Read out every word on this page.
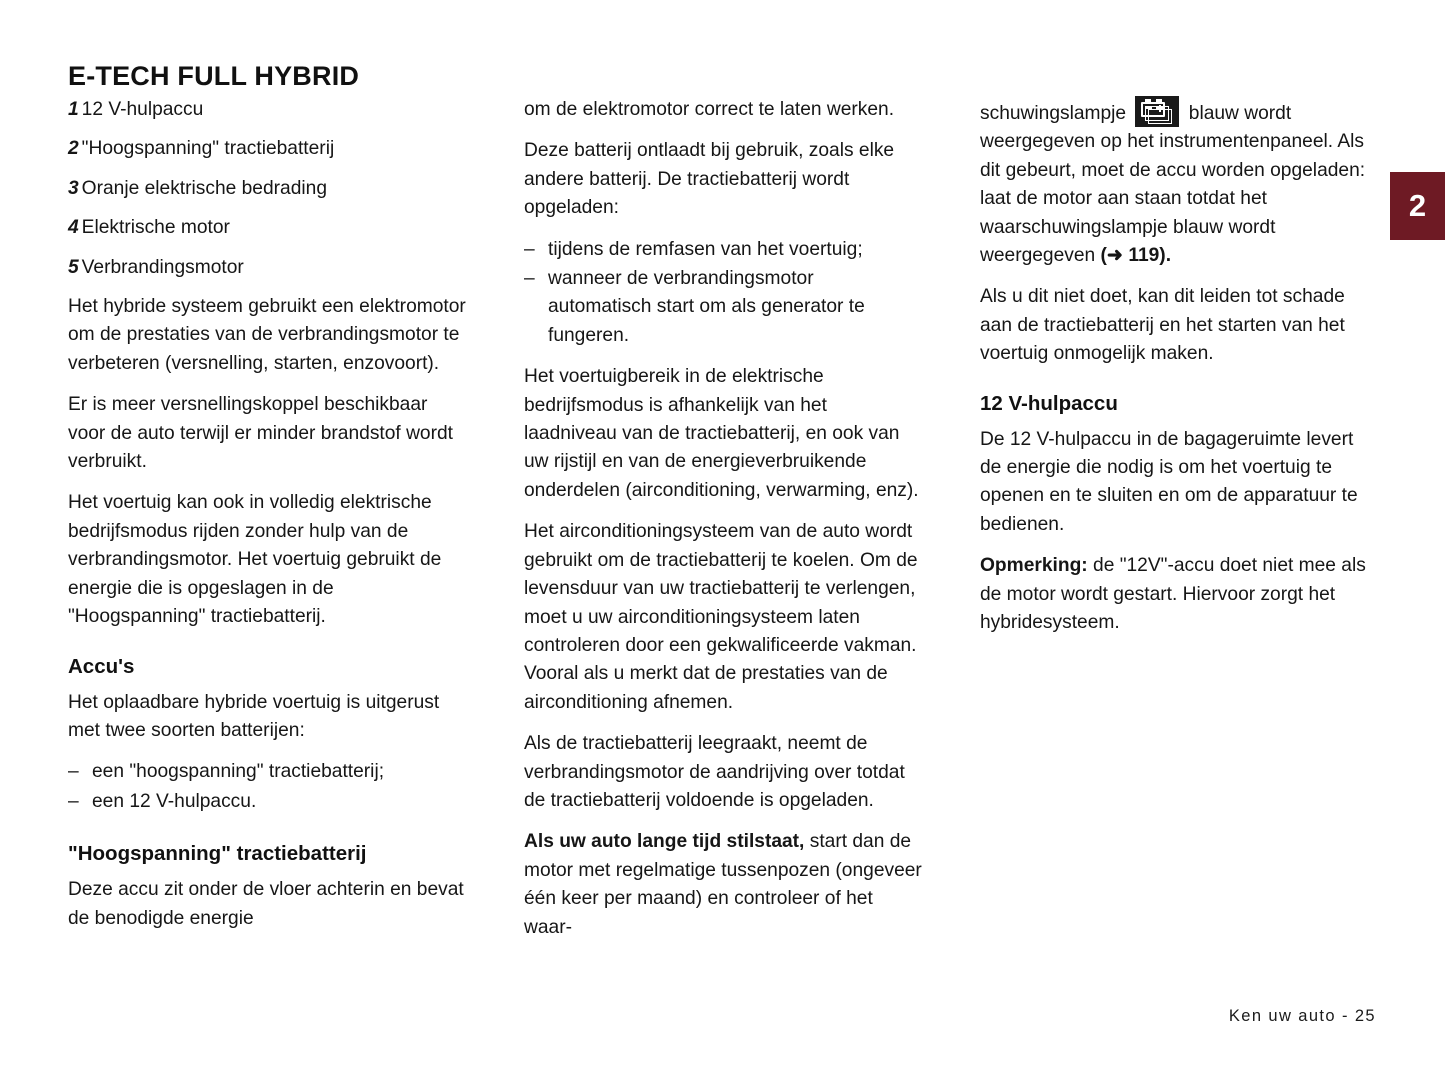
E-TECH FULL HYBRID
1 12 V-hulpaccu
2 "Hoogspanning" tractiebatterij
3 Oranje elektrische bedrading
4 Elektrische motor
5 Verbrandingsmotor

Het hybride systeem gebruikt een elektromotor om de prestaties van de verbrandingsmotor te verbeteren (versnelling, starten, enzovoort).

Er is meer versnellingskoppel beschikbaar voor de auto terwijl er minder brandstof wordt verbruikt.

Het voertuig kan ook in volledig elektrische bedrijfsmodus rijden zonder hulp van de verbrandingsmotor. Het voertuig gebruikt de energie die is opgeslagen in de "Hoogspanning" tractiebatterij.

Accu's

Het oplaadbare hybride voertuig is uitgerust met twee soorten batterijen:

– een "hoogspanning" tractiebatterij;
– een 12 V-hulpaccu.
"Hoogspanning" tractiebatterij

Deze accu zit onder de vloer achterin en bevat de benodigde energie

om de elektromotor correct te laten werken.

Deze batterij ontlaadt bij gebruik, zoals elke andere batterij. De tractiebatterij wordt opgeladen:

– tijdens de remfasen van het voertuig;
– wanneer de verbrandingsmotor automatisch start om als generator te fungeren.

Het voertuigbereik in de elektrische bedrijfsmodus is afhankelijk van het laadniveau van de tractiebatterij, en ook van uw rijstijl en van de energieverbruikende onderdelen (airconditioning, verwarming, enz).

Het airconditioningsysteem van de auto wordt gebruikt om de tractiebatterij te koelen. Om de levensduur van uw tractiebatterij te verlengen, moet u uw airconditioningsysteem laten controleren door een gekwalificeerde vakman. Vooral als u merkt dat de prestaties van de airconditioning afnemen.

Als de tractiebatterij leegraakt, neemt de verbrandingsmotor de aandrijving over totdat de tractiebatterij voldoende is opgeladen.

Als uw auto lange tijd stilstaat, start dan de motor met regelmatige tussenpozen (ongeveer één keer per maand) en controleer of het waar-

schuwingslampje	blauw wordt weergegeven op het instrumentenpaneel. Als dit gebeurt, moet de accu worden opgeladen: laat de motor aan staan totdat het waarschuwingslampje blauw wordt weergegeven (➜ 119).

Als u dit niet doet, kan dit leiden tot schade aan de tractiebatterij en het starten van het voertuig onmogelijk maken.

12 V-hulpaccu

De 12 V-hulpaccu in de bagageruimte levert de energie die nodig is om het voertuig te openen en te sluiten en om de apparatuur te bedienen.

Opmerking: de "12V"-accu doet niet mee als de motor wordt gestart. Hiervoor zorgt het hybridesysteem.

2
Ken uw auto - 25
